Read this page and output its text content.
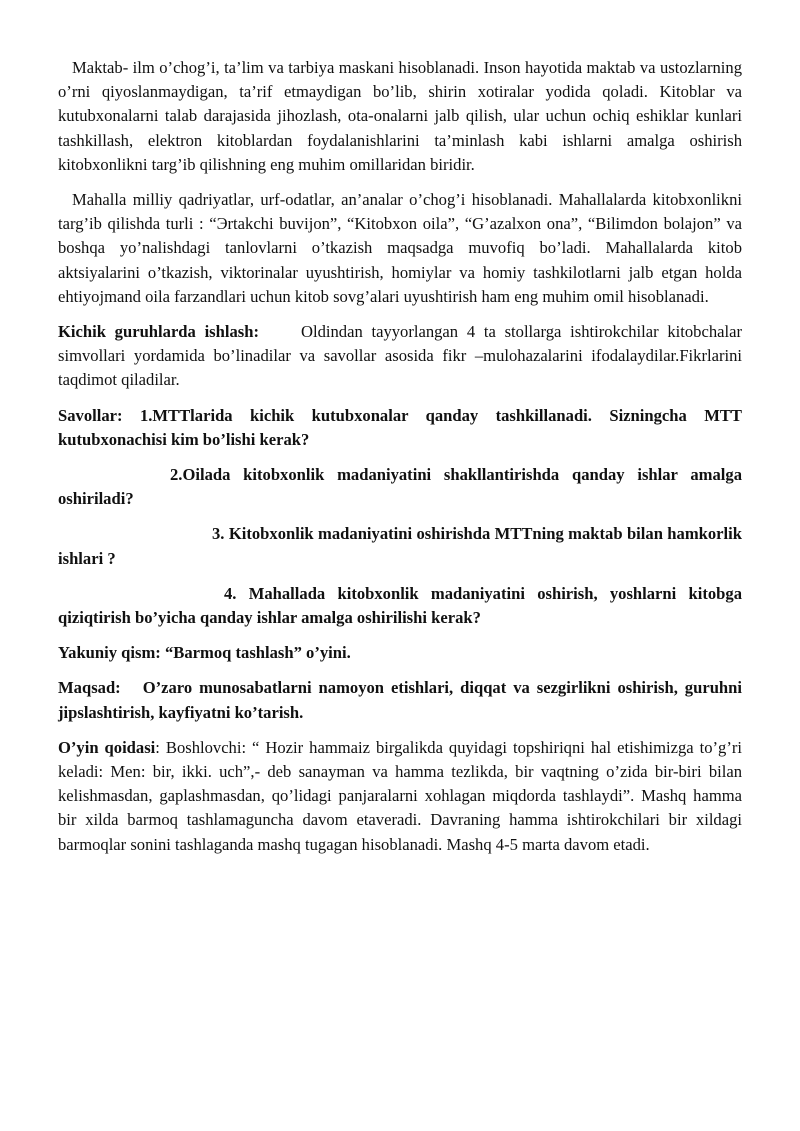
Maktab- ilm o’chog’i, ta’lim va tarbiya maskani hisoblanadi. Inson hayotida maktab va ustozlarning o’rni qiyoslanmaydigan, ta’rif etmaydigan bo’lib, shirin xotiralar yodida qoladi. Kitoblar va kutubxonalarni talab darajasida jihozlash, ota-onalarni jalb qilish, ular uchun ochiq eshiklar kunlari tashkillash, elektron kitoblardan foydalanishlarini ta’minlash kabi ishlarni amalga oshirish kitobxonlikni targ’ib qilishning eng muhim omillaridan biridir.

Mahalla milliy qadriyatlar, urf-odatlar, an’analar o’chog’i hisoblanadi. Mahallalarda kitobxonlikni targ’ib qilishda turli : “Эrtakchi buvijon”, “Kitobxon oila”, “G’azalxon ona”, “Bilimdon bolajon” va boshqa yo’nalishdagi tanlovlarni o’tkazish maqsadga muvofiq bo’ladi. Mahallalarda kitob aktsiyalarini o’tkazish, viktorinalar uyushtirish, homiylar va homiy tashkilotlarni jalb etgan holda ehtiyojmand oila farzandlari uchun kitob sovg’alari uyushtirish ham eng muhim omil hisoblanadi.

Kichik guruhlarda ishlash:	Oldindan tayyorlangan 4 ta stollarga ishtirokchilar kitobchalar simvollari yordamida bo’linadilar va savollar asosida fikr –mulohazalarini ifodalaydilar.Fikrlarini taqdimot qiladilar.

Savollar: 1.MTTlarida kichik kutubxonalar qanday tashkillanadi. Sizningcha MTT kutubxonachisi kim bo’lishi kerak?

2.Oilada kitobxonlik madaniyatini shakllantirishda qanday ishlar amalga oshiriladi?

3. Kitobxonlik madaniyatini oshirishda MTTning maktab bilan hamkorlik ishlari ?

4. Mahallada kitobxonlik madaniyatini oshirish, yoshlarni kitobga qiziqtirish bo’yicha qanday ishlar amalga oshirilishi kerak?

Yakuniy qism: “Barmoq tashlash” o’yini.

Maqsad: O’zaro munosabatlarni namoyon etishlari, diqqat va sezgirlikni oshirish, guruhni jipslashtirish, kayfiyatni ko’tarish.

O’yin qoidasi: Boshlovchi: “ Hozir hammaiz birgalikda quyidagi topshiriqni hal etishimizga to’g’ri keladi: Men: bir, ikki. uch”,- deb sanayman va hamma tezlikda, bir vaqtning o’zida bir-biri bilan kelishmasdan, gaplashmasdan, qo’lidagi panjaralarni xohlagan miqdorda tashlaydi”. Mashq hamma bir xilda barmoq tashlamaguncha davom etaveradi. Davraning hamma ishtirokchilari bir xildagi barmoqlar sonini tashlaganda mashq tugagan hisoblanadi. Mashq 4-5 marta davom etadi.
